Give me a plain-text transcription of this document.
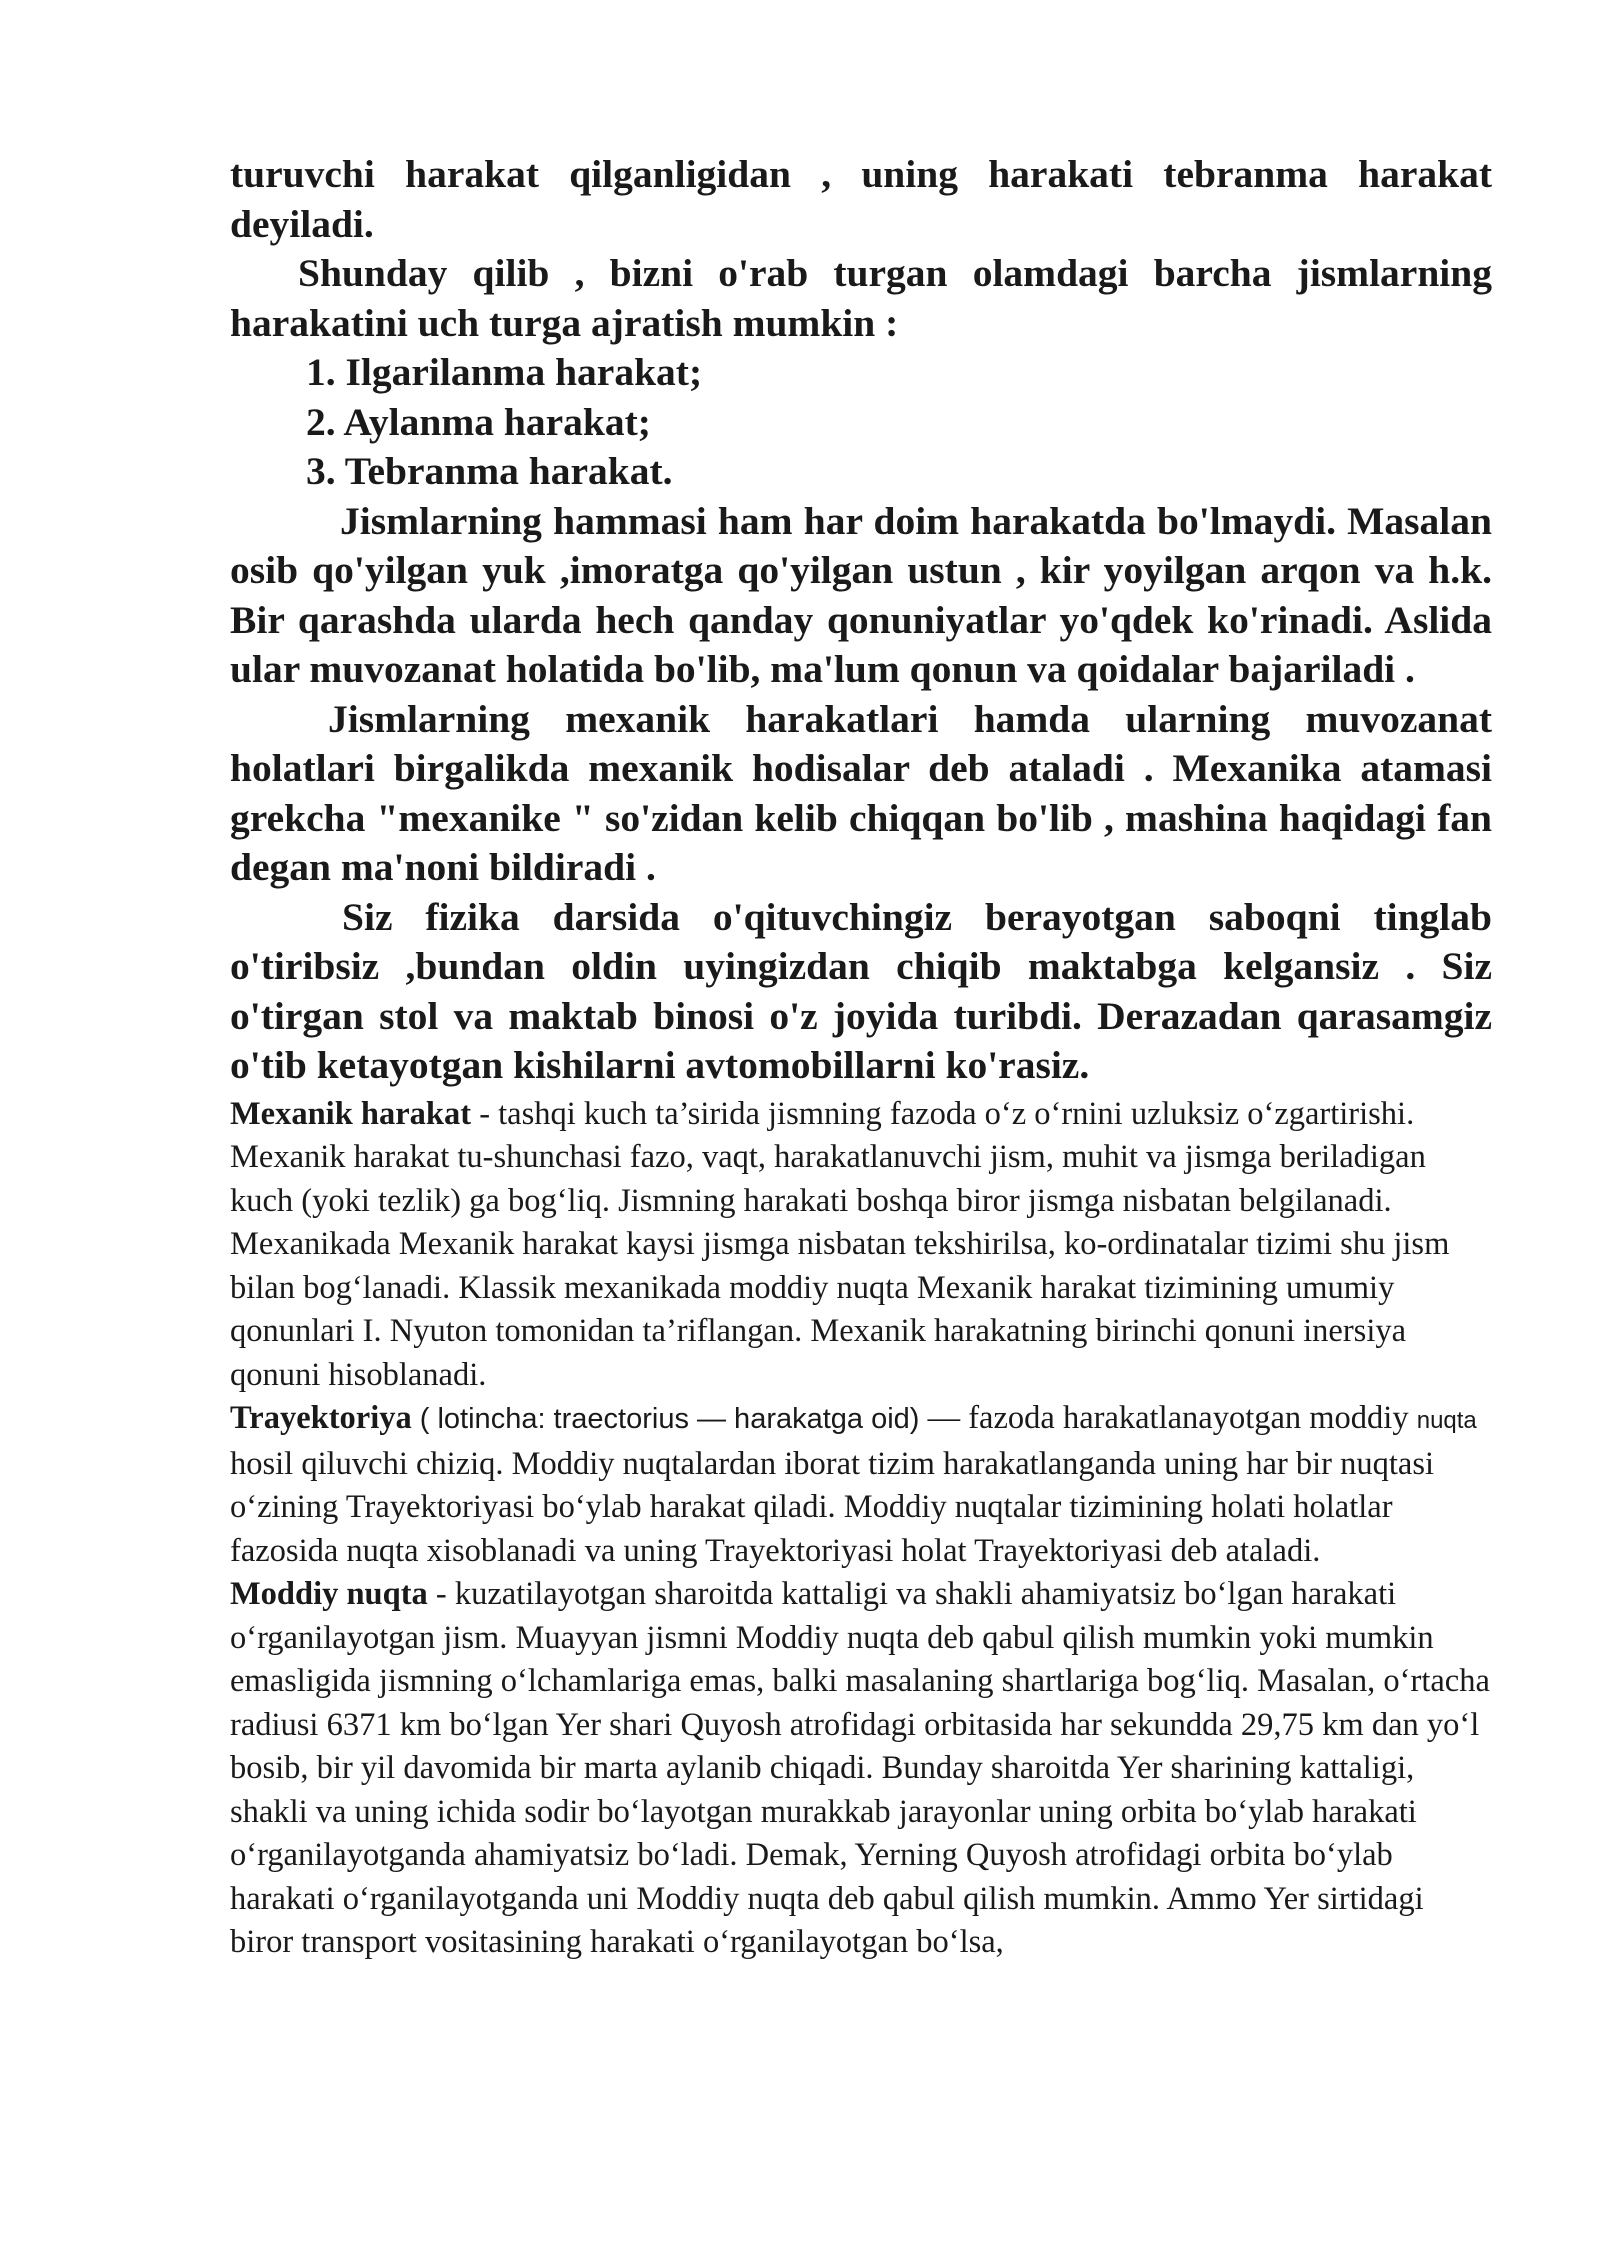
turuvchi harakat qilganligidan , uning harakati tebranma harakat deyiladi.

Shunday qilib , bizni o'rab turgan olamdagi barcha jismlarning harakatini uch turga ajratish mumkin :

1. Ilgarilanma harakat;
2. Aylanma harakat;
3. Tebranma harakat.

Jismlarning hammasi ham har doim harakatda bo'lmaydi. Masalan osib qo'yilgan yuk ,imoratga qo'yilgan ustun , kir yoyilgan arqon va h.k. Bir qarashda ularda hech qanday qonuniyatlar yo'qdek ko'rinadi. Aslida ular muvozanat holatida bo'lib, ma'lum qonun va qoidalar bajariladi .

Jismlarning mexanik harakatlari hamda ularning muvozanat holatlari birgalikda mexanik hodisalar deb ataladi . Mexanika atamasi grekcha "mexanike " so'zidan kelib chiqqan bo'lib , mashina haqidagi fan degan ma'noni bildiradi .

Siz fizika darsida o'qituvchingiz berayotgan saboqni tinglab o'tiribsiz ,bundan oldin uyingizdan chiqib maktabga kelgansiz . Siz o'tirgan stol va maktab binosi o'z joyida turibdi. Derazadan qarasamgiz o'tib ketayotgan kishilarni avtomobillarni ko'rasiz.

Mexanik harakat - tashqi kuch ta’sirida jismning fazoda o‘z o‘rnini uzluksiz o‘zgartirishi. Mexanik harakat tu-shunchasi fazo, vaqt, harakatlanuvchi jism, muhit va jismga beriladigan kuch (yoki tezlik) ga bog‘liq. Jismning harakati boshqa biror jismga nisbatan belgilanadi. Mexanikada Mexanik harakat kaysi jismga nisbatan tekshirilsa, ko-ordinatalar tizimi shu jism bilan bog‘lanadi. Klassik mexanikada moddiy nuqta Mexanik harakat tizimining umumiy qonunlari I. Nyuton tomonidan ta’riflangan. Mexanik harakatning birinchi qonuni inersiya qonuni hisoblanadi.

Trayektoriya ( lotincha: traectorius — harakatga oid) — fazoda harakatlanayotgan moddiy nuqta hosil qiluvchi chiziq. Moddiy nuqtalardan iborat tizim harakatlanganda uning har bir nuqtasi o‘zining Trayektoriyasi bo‘ylab harakat qiladi. Moddiy nuqtalar tizimining holati holatlar fazosida nuqta xisoblanadi va uning Trayektoriyasi holat Trayektoriyasi deb ataladi.

Moddiy nuqta - kuzatilayotgan sharoitda kattaligi va shakli ahamiyatsiz bo‘lgan harakati o‘rganilayotgan jism. Muayyan jismni Moddiy nuqta deb qabul qilish mumkin yoki mumkin emasligida jismning o‘lchamlariga emas, balki masalaning shartlariga bog‘liq. Masalan, o‘rtacha radiusi 6371 km bo‘lgan Yer shari Quyosh atrofidagi orbitasida har sekundda 29,75 km dan yo‘l bosib, bir yil davomida bir marta aylanib chiqadi. Bunday sharoitda Yer sharining kattaligi, shakli va uning ichida sodir bo‘layotgan murakkab jarayonlar uning orbita bo‘ylab harakati o‘rganilayotganda ahamiyatsiz bo‘ladi. Demak, Yerning Quyosh atrofidagi orbita bo‘ylab harakati o‘rganilayotganda uni Moddiy nuqta deb qabul qilish mumkin. Ammo Yer sirtidagi biror transport vositasining harakati o‘rganilayotgan bo‘lsa,
